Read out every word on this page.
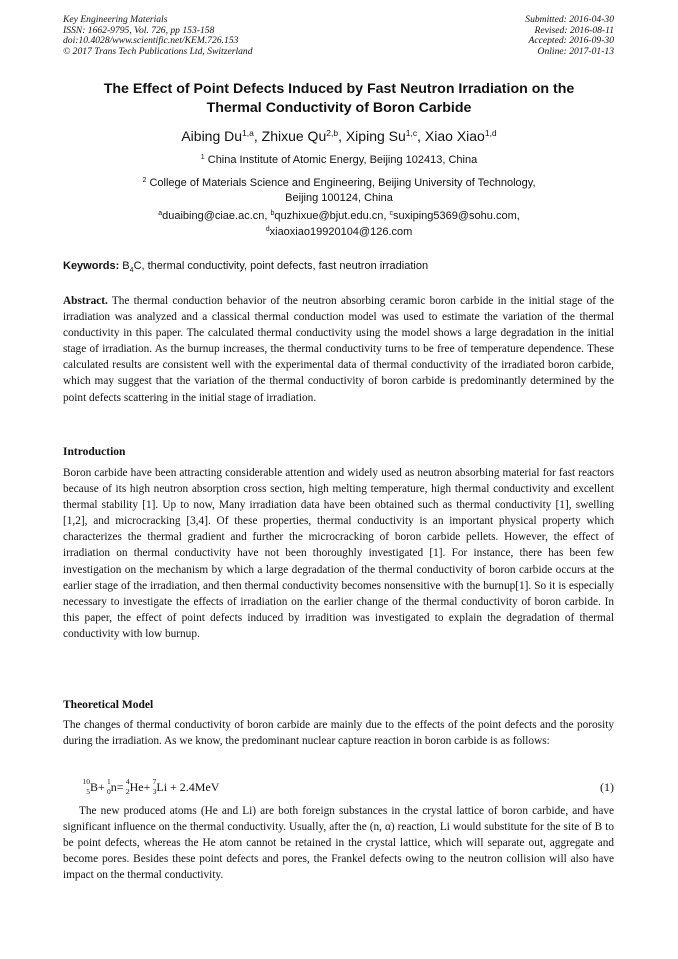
Key Engineering Materials
ISSN: 1662-9795, Vol. 726, pp 153-158
doi:10.4028/www.scientific.net/KEM.726.153
© 2017 Trans Tech Publications Ltd, Switzerland
Submitted: 2016-04-30
Revised: 2016-08-11
Accepted: 2016-09-30
Online: 2017-01-13
The Effect of Point Defects Induced by Fast Neutron Irradiation on the
Thermal Conductivity of Boron Carbide
Aibing Du$^{1,a}$, Zhixue Qu$^{2,b}$, Xiping Su$^{1,c}$, Xiao Xiao$^{1,d}$
$^1$ China Institute of Atomic Energy, Beijing 102413, China
$^2$ College of Materials Science and Engineering, Beijing University of Technology,
Beijing 100124, China
$^a$duaibing@ciae.ac.cn, $^b$quzhixue@bjut.edu.cn, $^c$suxiping5369@sohu.com,
$^d$xiaoxiao19920104@126.com
Keywords: $B_4C$, thermal conductivity, point defects, fast neutron irradiation
Abstract. The thermal conduction behavior of the neutron absorbing ceramic boron carbide in the initial stage of the irradiation was analyzed and a classical thermal conduction model was used to estimate the variation of the thermal conductivity in this paper. The calculated thermal conductivity using the model shows a large degradation in the initial stage of irradiation. As the burnup increases, the thermal conductivity turns to be free of temperature dependence. These calculated results are consistent well with the experimental data of thermal conductivity of the irradiated boron carbide, which may suggest that the variation of the thermal conductivity of boron carbide is predominantly determined by the point defects scattering in the initial stage of irradiation.
Introduction
Boron carbide have been attracting considerable attention and widely used as neutron absorbing material for fast reactors because of its high neutron absorption cross section, high melting temperature, high thermal conductivity and excellent thermal stability [1]. Up to now, Many irradiation data have been obtained such as thermal conductivity [1], swelling [1,2], and microcracking [3,4]. Of these properties, thermal conductivity is an important physical property which characterizes the thermal gradient and further the microcracking of boron carbide pellets. However, the effect of irradiation on thermal conductivity have not been thoroughly investigated [1]. For instance, there has been few investigation on the mechanism by which a large degradation of the thermal conductivity of boron carbide occurs at the earlier stage of the irradiation, and then thermal conductivity becomes nonsensitive with the burnup[1]. So it is especially necessary to investigate the effects of irradiation on the earlier change of the thermal conductivity of boron carbide. In this paper, the effect of point defects induced by irradition was investigated to explain the degradation of thermal conductivity with low burnup.
Theoretical Model
The changes of thermal conductivity of boron carbide are mainly due to the effects of the point defects and the porosity during the irradiation. As we know, the predominant nuclear capture reaction in boron carbide is as follows:
10
5 B+ 1
0 n= 4
2 He+ 7
3 Li + 2.4MeV	(1)
The new produced atoms (He and Li) are both foreign substances in the crystal lattice of boron carbide, and have significant influence on the thermal conductivity. Usually, after the (n, α) reaction, Li would substitute for the site of B to be point defects, whereas the He atom cannot be retained in the crystal lattice, which will separate out, aggregate and become pores. Besides these point defects and pores, the Frankel defects owing to the neutron collision will also have impact on the thermal conductivity.
